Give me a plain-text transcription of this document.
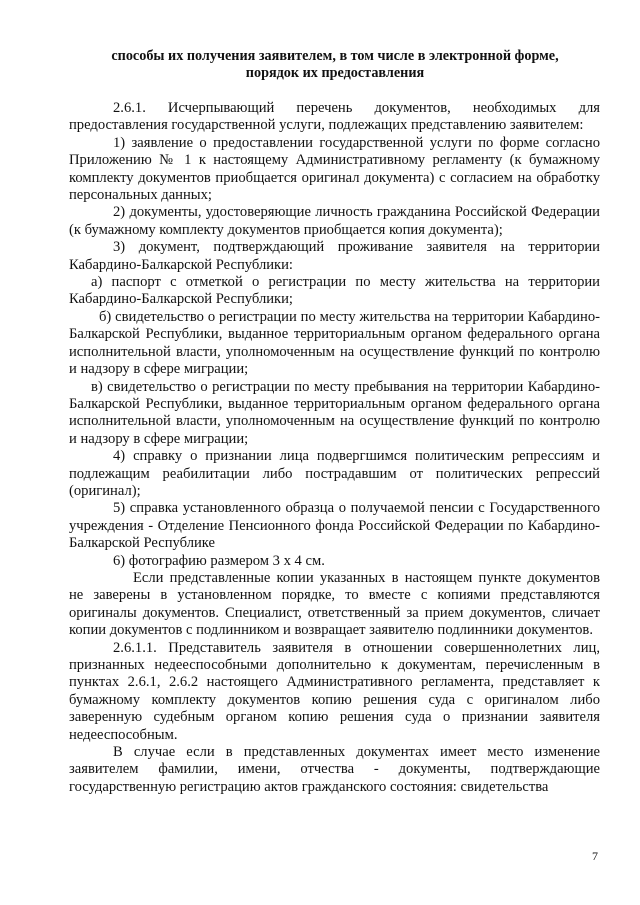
способы их получения заявителем, в том числе в электронной форме,
порядок их предоставления

2.6.1. Исчерпывающий перечень документов, необходимых для предоставления государственной услуги, подлежащих представлению заявителем:

1) заявление о предоставлении государственной услуги по форме согласно Приложению № 1 к настоящему Административному регламенту (к бумажному комплекту документов приобщается оригинал документа) с согласием на обработку персональных данных;

2) документы, удостоверяющие личность гражданина Российской Федерации (к бумажному комплекту документов приобщается копия документа);

3) документ, подтверждающий проживание заявителя на территории Кабардино-Балкарской Республики:

а) паспорт с отметкой о регистрации по месту жительства на территории Кабардино-Балкарской Республики;

б) свидетельство о регистрации по месту жительства на территории Кабардино-Балкарской Республики, выданное территориальным органом федерального органа исполнительной власти, уполномоченным на осуществление функций по контролю и надзору в сфере миграции;

в) свидетельство о регистрации по месту пребывания на территории Кабардино-Балкарской Республики, выданное территориальным органом федерального органа исполнительной власти, уполномоченным на осуществление функций по контролю и надзору в сфере миграции;

4) справку о признании лица подвергшимся политическим репрессиям и подлежащим реабилитации либо пострадавшим от политических репрессий (оригинал);

5) справка установленного образца о получаемой пенсии с Государственного учреждения - Отделение Пенсионного фонда Российской Федерации по Кабардино-Балкарской Республике

6) фотографию размером 3 х 4 см.

Если представленные копии указанных в настоящем пункте документов не заверены в установленном порядке, то вместе с копиями представляются оригиналы документов. Специалист, ответственный за прием документов, сличает копии документов с подлинником и возвращает заявителю подлинники документов.

2.6.1.1. Представитель заявителя в отношении совершеннолетних лиц, признанных недееспособными дополнительно к документам, перечисленным в пунктах 2.6.1, 2.6.2 настоящего Административного регламента, представляет к бумажному комплекту документов копию решения суда с оригиналом либо заверенную судебным органом копию решения суда о признании заявителя недееспособным.

В случае если в представленных документах имеет место изменение заявителем фамилии, имени, отчества - документы, подтверждающие государственную регистрацию актов гражданского состояния: свидетельства

7
